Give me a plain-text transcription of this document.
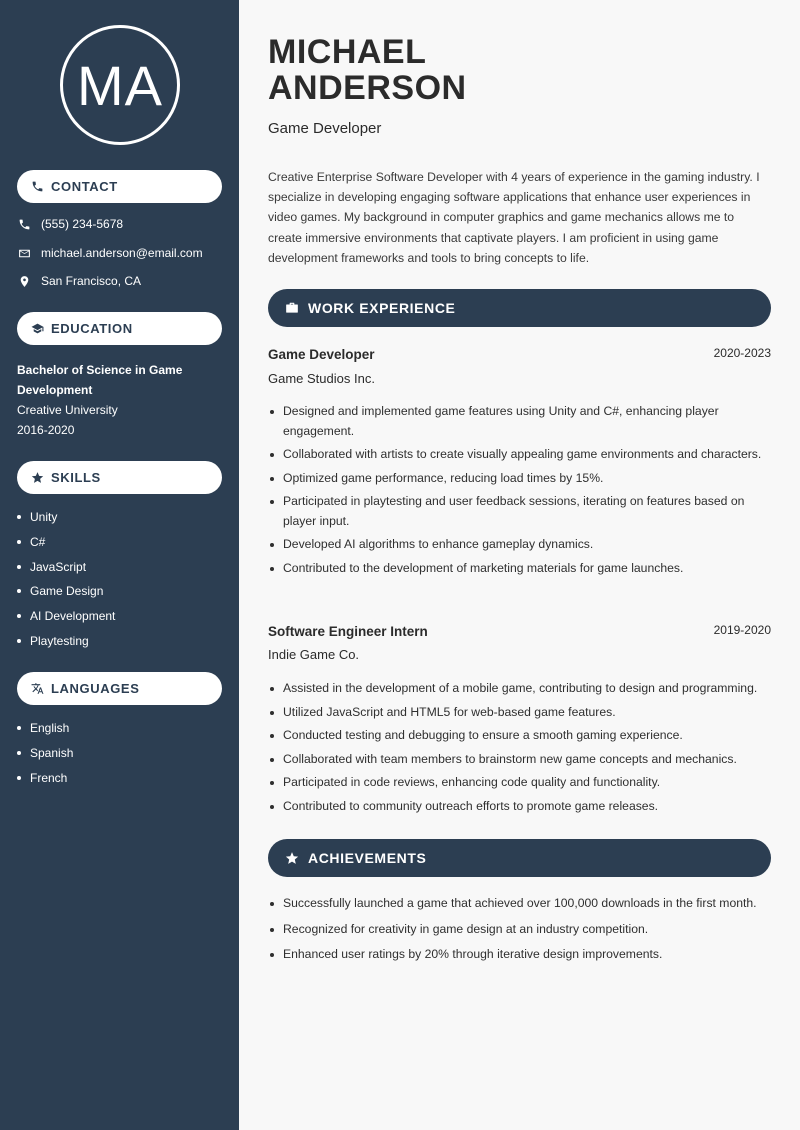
MA
CONTACT
(555) 234-5678
michael.anderson@email.com
San Francisco, CA
EDUCATION
Bachelor of Science in Game Development
Creative University
2016-2020
SKILLS
Unity
C#
JavaScript
Game Design
AI Development
Playtesting
LANGUAGES
English
Spanish
French
MICHAEL
ANDERSON
Game Developer

Creative Enterprise Software Developer with 4 years of experience in the gaming industry. I specialize in developing engaging software applications that enhance user experiences in video games. My background in computer graphics and game mechanics allows me to create immersive environments that captivate players. I am proficient in using game development frameworks and tools to bring concepts to life.

WORK EXPERIENCE
Game Developer	2020-2023
Game Studios Inc.
Designed and implemented game features using Unity and C#, enhancing player engagement.
Collaborated with artists to create visually appealing game environments and characters.
Optimized game performance, reducing load times by 15%.
Participated in playtesting and user feedback sessions, iterating on features based on player input.
Developed AI algorithms to enhance gameplay dynamics.
Contributed to the development of marketing materials for game launches.
Software Engineer Intern	2019-2020
Indie Game Co.
Assisted in the development of a mobile game, contributing to design and programming.
Utilized JavaScript and HTML5 for web-based game features.
Conducted testing and debugging to ensure a smooth gaming experience.
Collaborated with team members to brainstorm new game concepts and mechanics.
Participated in code reviews, enhancing code quality and functionality.
Contributed to community outreach efforts to promote game releases.
ACHIEVEMENTS
Successfully launched a game that achieved over 100,000 downloads in the first month.
Recognized for creativity in game design at an industry competition.
Enhanced user ratings by 20% through iterative design improvements.
